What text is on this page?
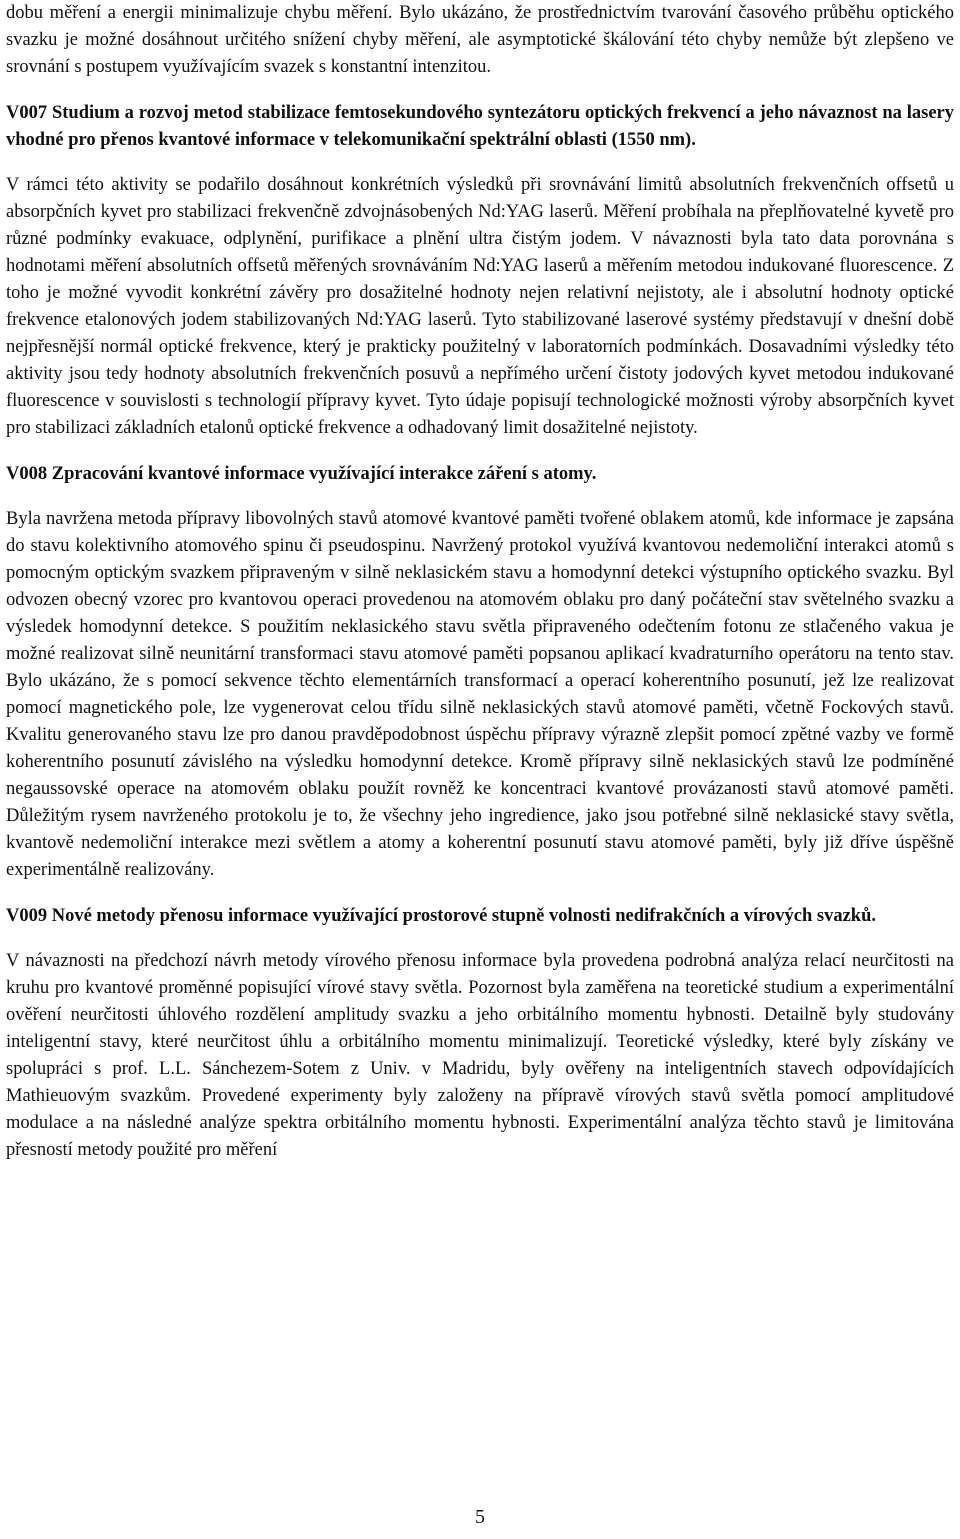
dobu měření a energii minimalizuje chybu měření. Bylo ukázáno, že prostřednictvím tvarování časového průběhu optického svazku je možné dosáhnout určitého snížení chyby měření, ale asymptotické škálování této chyby nemůže být zlepšeno ve srovnání s postupem využívajícím svazek s konstantní intenzitou.

V007 Studium a rozvoj metod stabilizace femtosekundového syntezátoru optických frekvencí a jeho návaznost na lasery vhodné pro přenos kvantové informace v telekomunikační spektrální oblasti (1550 nm).

V rámci této aktivity se podařilo dosáhnout konkrétních výsledků při srovnávání limitů absolutních frekvenčních offsetů u absorpčních kyvet pro stabilizaci frekvenčně zdvojnásobených Nd:YAG laserů. Měření probíhala na přeplňovatelné kyvetě pro různé podmínky evakuace, odplynění, purifikace a plnění ultra čistým jodem. V návaznosti byla tato data porovnána s hodnotami měření absolutních offsetů měřených srovnáváním Nd:YAG laserů a měřením metodou indukované fluorescence. Z toho je možné vyvodit konkrétní závěry pro dosažitelné hodnoty nejen relativní nejistoty, ale i absolutní hodnoty optické frekvence etalonových jodem stabilizovaných Nd:YAG laserů. Tyto stabilizované laserové systémy představují v dnešní době nejpřesnější normál optické frekvence, který je prakticky použitelný v laboratorních podmínkách. Dosavadními výsledky této aktivity jsou tedy hodnoty absolutních frekvenčních posuvů a nepřímého určení čistoty jodových kyvet metodou indukované fluorescence v souvislosti s technologií přípravy kyvet. Tyto údaje popisují technologické možnosti výroby absorpčních kyvet pro stabilizaci základních etalonů optické frekvence a odhadovaný limit dosažitelné nejistoty.

V008 Zpracování kvantové informace využívající interakce záření s atomy.

Byla navržena metoda přípravy libovolných stavů atomové kvantové paměti tvořené oblakem atomů, kde informace je zapsána do stavu kolektivního atomového spinu či pseudospinu. Navržený protokol využívá kvantovou nedemoliční interakci atomů s pomocným optickým svazkem připraveným v silně neklasickém stavu a homodynní detekci výstupního optického svazku. Byl odvozen obecný vzorec pro kvantovou operaci provedenou na atomovém oblaku pro daný počáteční stav světelného svazku a výsledek homodynní detekce. S použitím neklasického stavu světla připraveného odečtením fotonu ze stlačeného vakua je možné realizovat silně neunitární transformaci stavu atomové paměti popsanou aplikací kvadraturního operátoru na tento stav. Bylo ukázáno, že s pomocí sekvence těchto elementárních transformací a operací koherentního posunutí, jež lze realizovat pomocí magnetického pole, lze vygenerovat celou třídu silně neklasických stavů atomové paměti, včetně Fockových stavů. Kvalitu generovaného stavu lze pro danou pravděpodobnost úspěchu přípravy výrazně zlepšit pomocí zpětné vazby ve formě koherentního posunutí závislého na výsledku homodynní detekce. Kromě přípravy silně neklasických stavů lze podmíněné negaussovské operace na atomovém oblaku použít rovněž ke koncentraci kvantové provázanosti stavů atomové paměti. Důležitým rysem navrženého protokolu je to, že všechny jeho ingredience, jako jsou potřebné silně neklasické stavy světla, kvantově nedemoliční interakce mezi světlem a atomy a koherentní posunutí stavu atomové paměti, byly již dříve úspěšně experimentálně realizovány.

V009 Nové metody přenosu informace využívající prostorové stupně volnosti nedifrakčních a vírových svazků.

V návaznosti na předchozí návrh metody vírového přenosu informace byla provedena podrobná analýza relací neurčitosti na kruhu pro kvantové proměnné popisující vírové stavy světla. Pozornost byla zaměřena na teoretické studium a experimentální ověření neurčitosti úhlového rozdělení amplitudy svazku a jeho orbitálního momentu hybnosti. Detailně byly studovány inteligentní stavy, které neurčitost úhlu a orbitálního momentu minimalizují. Teoretické výsledky, které byly získány ve spolupráci s prof. L.L. Sánchezem-Sotem z Univ. v Madridu, byly ověřeny na inteligentních stavech odpovídajících Mathieuovým svazkům. Provedené experimenty byly založeny na přípravě vírových stavů světla pomocí amplitudové modulace a na následné analýze spektra orbitálního momentu hybnosti. Experimentální analýza těchto stavů je limitována přesností metody použité pro měření

5
